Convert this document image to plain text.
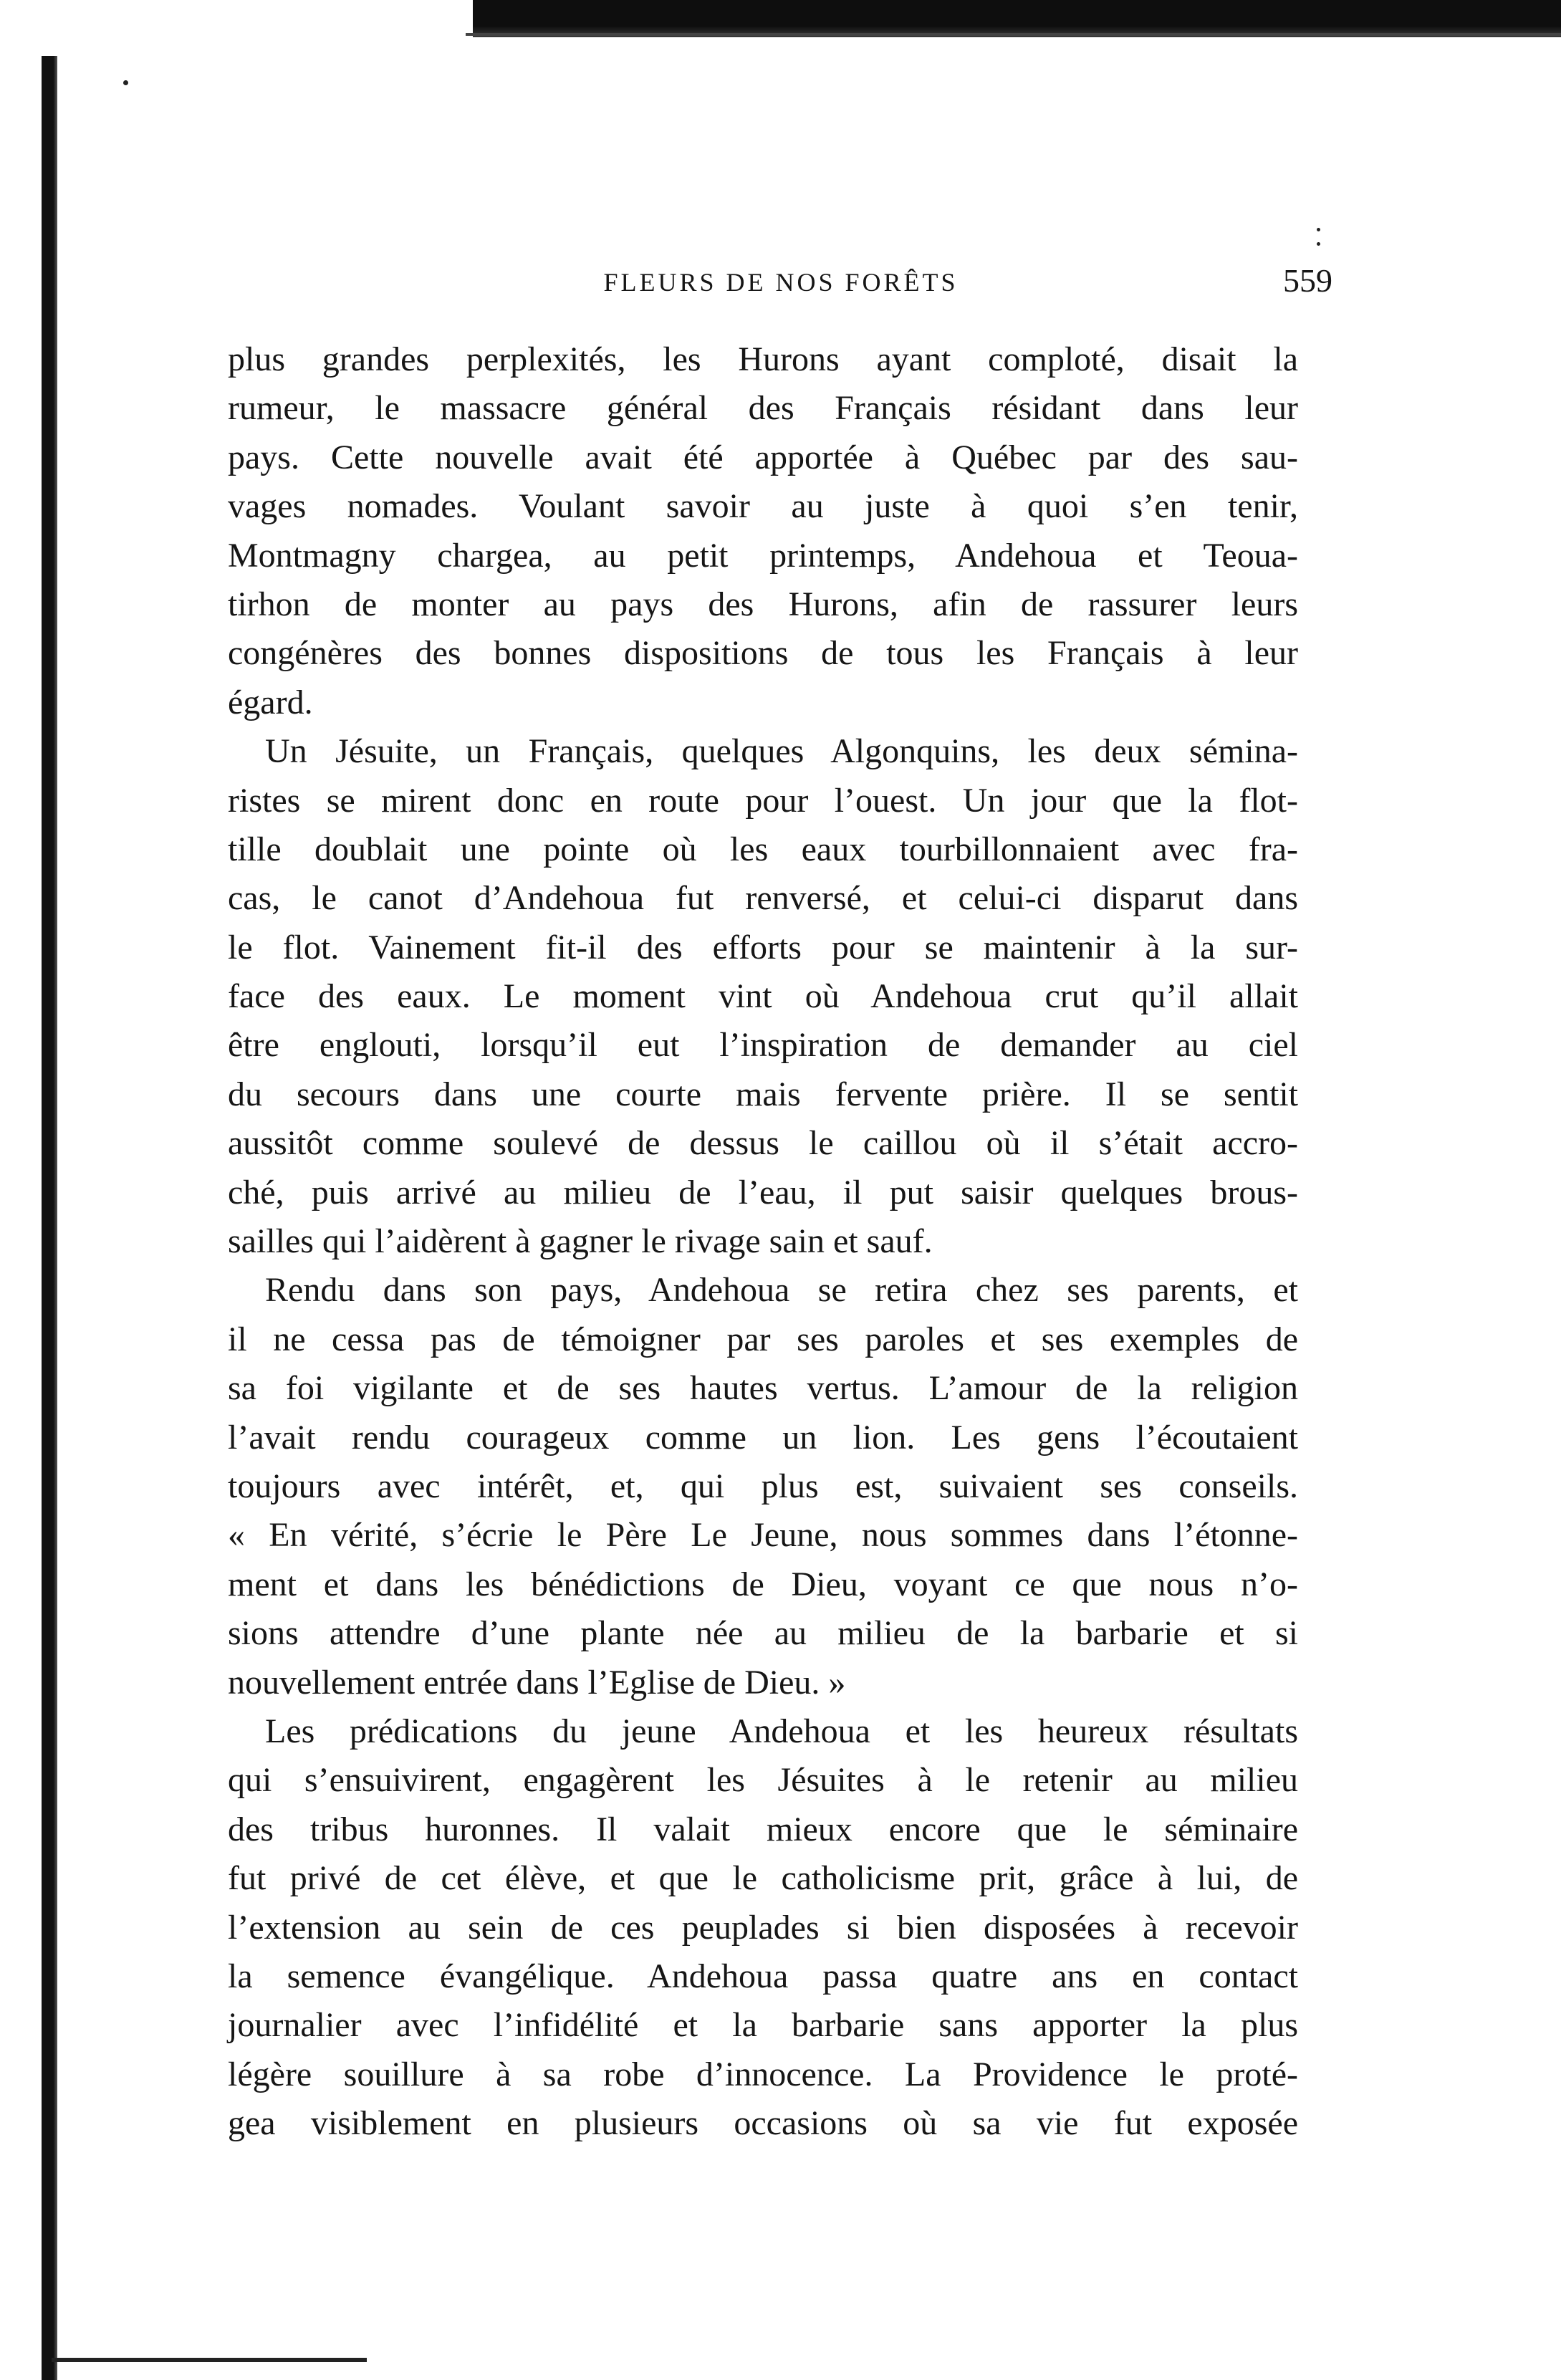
FLEURS DE NOS FORÊTS	559
plus grandes perplexités, les Hurons ayant comploté, disait la
rumeur, le massacre général des Français résidant dans leur
pays. Cette nouvelle avait été apportée à Québec par des sau-
vages nomades. Voulant savoir au juste à quoi s’en tenir,
Montmagny chargea, au petit printemps, Andehoua et Teoua-
tirhon de monter au pays des Hurons, afin de rassurer leurs
congénères des bonnes dispositions de tous les Français à leur
égard.
Un Jésuite, un Français, quelques Algonquins, les deux sémina-
ristes se mirent donc en route pour l’ouest. Un jour que la flot-
tille doublait une pointe où les eaux tourbillonnaient avec fra-
cas, le canot d’Andehoua fut renversé, et celui-ci disparut dans
le flot. Vainement fit-il des efforts pour se maintenir à la sur-
face des eaux. Le moment vint où Andehoua crut qu’il allait
être englouti, lorsqu’il eut l’inspiration de demander au ciel
du secours dans une courte mais fervente prière. Il se sentit
aussitôt comme soulevé de dessus le caillou où il s’était accro-
ché, puis arrivé au milieu de l’eau, il put saisir quelques brous-
sailles qui l’aidèrent à gagner le rivage sain et sauf.
Rendu dans son pays, Andehoua se retira chez ses parents, et
il ne cessa pas de témoigner par ses paroles et ses exemples de
sa foi vigilante et de ses hautes vertus. L’amour de la religion
l’avait rendu courageux comme un lion. Les gens l’écoutaient
toujours avec intérêt, et, qui plus est, suivaient ses conseils.
« En vérité, s’écrie le Père Le Jeune, nous sommes dans l’étonne-
ment et dans les bénédictions de Dieu, voyant ce que nous n’o-
sions attendre d’une plante née au milieu de la barbarie et si
nouvellement entrée dans l’Eglise de Dieu. »
Les prédications du jeune Andehoua et les heureux résultats
qui s’ensuivirent, engagèrent les Jésuites à le retenir au milieu
des tribus huronnes. Il valait mieux encore que le séminaire
fut privé de cet élève, et que le catholicisme prit, grâce à lui, de
l’extension au sein de ces peuplades si bien disposées à recevoir
la semence évangélique. Andehoua passa quatre ans en contact
journalier avec l’infidélité et la barbarie sans apporter la plus
légère souillure à sa robe d’innocence. La Providence le proté-
gea visiblement en plusieurs occasions où sa vie fut exposée
